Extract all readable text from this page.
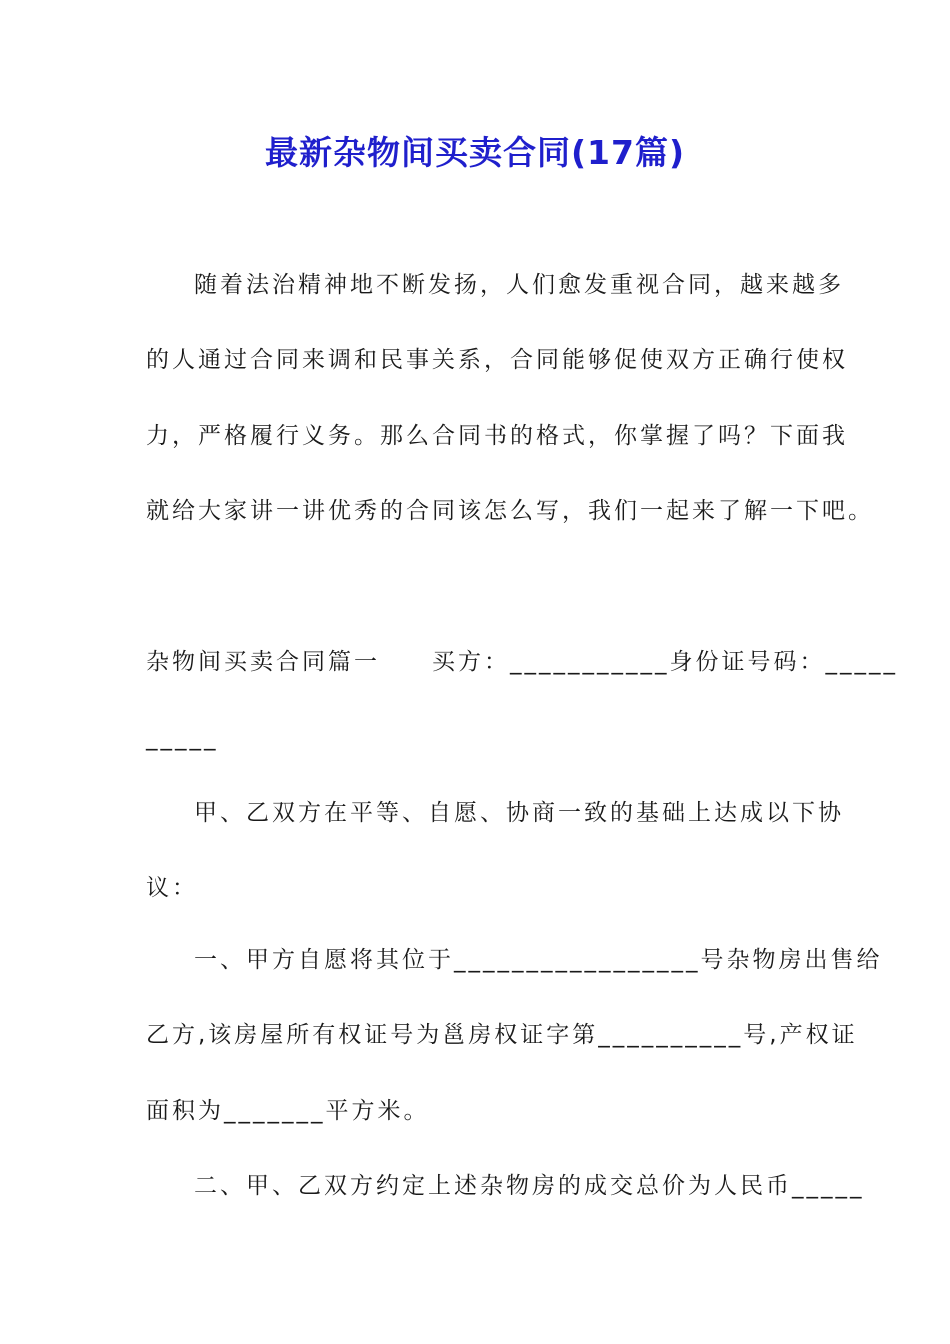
最新杂物间买卖合同(17篇)
随着法治精神地不断发扬，人们愈发重视合同，越来越多
的人通过合同来调和民事关系，合同能够促使双方正确行使权
力，严格履行义务。那么合同书的格式，你掌握了吗？下面我
就给大家讲一讲优秀的合同该怎么写，我们一起来了解一下吧。
杂物间买卖合同篇一　　买方：___________身份证号码：_____
_____
甲、乙双方在平等、自愿、协商一致的基础上达成以下协
议：
一、甲方自愿将其位于_________________号杂物房出售给
乙方,该房屋所有权证号为邕房权证字第__________号,产权证
面积为_______平方米。
二、甲、乙双方约定上述杂物房的成交总价为人民币_____
